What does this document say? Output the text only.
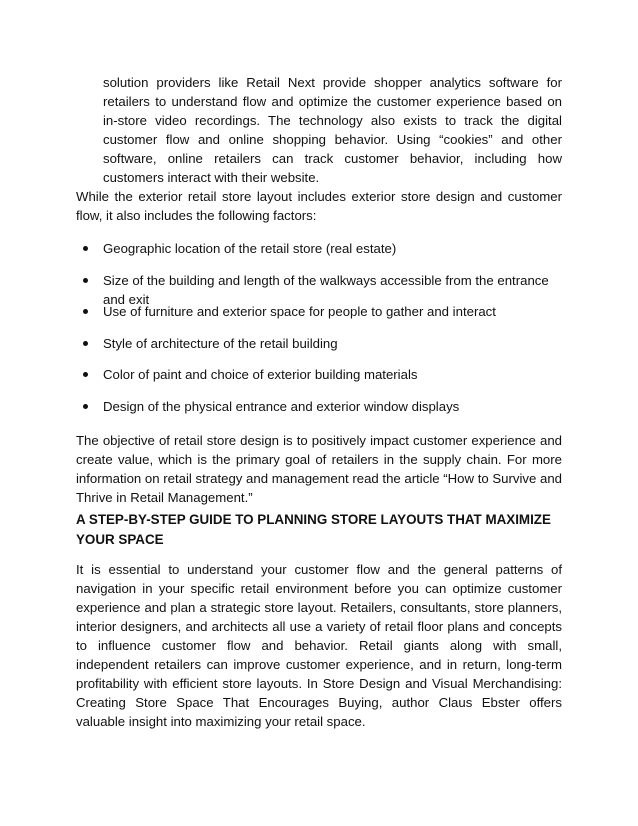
solution providers like Retail Next provide shopper analytics software for retailers to understand flow and optimize the customer experience based on in-store video recordings. The technology also exists to track the digital customer flow and online shopping behavior. Using “cookies” and other software, online retailers can track customer behavior, including how customers interact with their website.

While the exterior retail store layout includes exterior store design and customer flow, it also includes the following factors:

Geographic location of the retail store (real estate)
Size of the building and length of the walkways accessible from the entrance and exit
Use of furniture and exterior space for people to gather and interact
Style of architecture of the retail building
Color of paint and choice of exterior building materials
Design of the physical entrance and exterior window displays

The objective of retail store design is to positively impact customer experience and create value, which is the primary goal of retailers in the supply chain. For more information on retail strategy and management read the article “How to Survive and Thrive in Retail Management.”

A STEP-BY-STEP GUIDE TO PLANNING STORE LAYOUTS THAT MAXIMIZE YOUR SPACE

It is essential to understand your customer flow and the general patterns of navigation in your specific retail environment before you can optimize customer experience and plan a strategic store layout. Retailers, consultants, store planners, interior designers, and architects all use a variety of retail floor plans and concepts to influence customer flow and behavior. Retail giants along with small, independent retailers can improve customer experience, and in return, long-term profitability with efficient store layouts. In Store Design and Visual Merchandising: Creating Store Space That Encourages Buying, author Claus Ebster offers valuable insight into maximizing your retail space.
